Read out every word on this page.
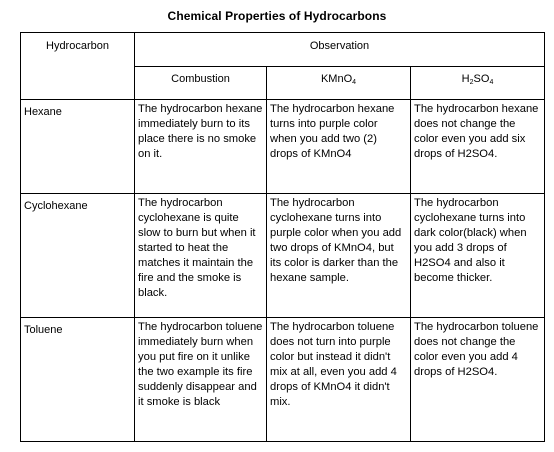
Chemical Properties of Hydrocarbons
Hydrocarbon	Observation		
	Combustion	KMnO$_4$	$H_2SO_4$
Hexane	The hydrocarbon hexane immediately burn to its place there is no smoke on it.	The hydrocarbon hexane turns into purple color when you add two (2) drops of KMnO4	The hydrocarbon hexane does not change the color even you add six drops of H2SO4.
Cyclohexane	The hydrocarbon cyclohexane is quite slow to burn but when it started to heat the matches it maintain the fire and the smoke is black.	The hydrocarbon cyclohexane turns into purple color when you add two drops of KMnO4, but its color is darker than the hexane sample.	The hydrocarbon cyclohexane turns into dark color(black) when you add 3 drops of H2SO4 and also it become thicker.
Toluene	The hydrocarbon toluene immediately burn when you put fire on it unlike the two example its fire suddenly disappear and it smoke is black	The hydrocarbon toluene does not turn into purple color but instead it didn't mix at all, even you add 4 drops of KMnO4 it didn't mix.	The hydrocarbon toluene does not change the color even you add 4 drops of H2SO4.
